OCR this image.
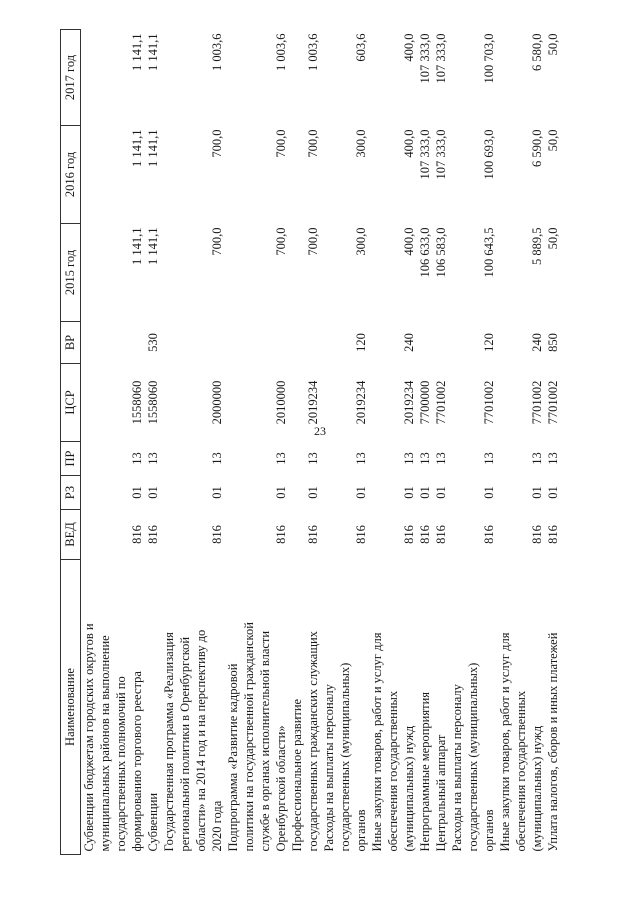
23
Наименование	ВЕД	РЗ	ПР	ЦСР	ВР	2015 год	2016 год	2017 год

Субвенции бюджетам городских округов и муниципальных районов на выполнение государственных полномочий по формированию торгового реестра	816	01	13	1558060		1 141,1	1 141,1	1 141,1

Субвенции	816	01	13	1558060	530	1 141,1	1 141,1	1 141,1

Государственная программа «Реализация региональной политики в Оренбургской области» на 2014 год и на перспективу до 2020 года	816	01	13	2000000		700,0	700,0	1 003,6

Подпрограмма «Развитие кадровой политики на государственной гражданской службе в органах исполнительной власти Оренбургской области»	816	01	13	2010000		700,0	700,0	1 003,6

Профессиональное развитие государственных гражданских служащих	816	01	13	2019234		700,0	700,0	1 003,6

Расходы на выплаты персоналу государственных (муниципальных) органов	816	01	13	2019234	120	300,0	300,0	603,6

Иные закупки товаров, работ и услуг для обеспечения государственных (муниципальных) нужд	816	01	13	2019234	240	400,0	400,0	400,0

Непрограммные мероприятия	816	01	13	7700000		106 633,0	107 333,0	107 333,0

Центральный аппарат	816	01	13	7701002		106 583,0	107 333,0	107 333,0

Расходы на выплаты персоналу государственных (муниципальных) органов	816	01	13	7701002	120	100 643,5	100 693,0	100 703,0

Иные закупки товаров, работ и услуг для обеспечения государственных (муниципальных) нужд	816	01	13	7701002	240	5 889,5	6 590,0	6 580,0

Уплата налогов, сборов и иных платежей	816	01	13	7701002	850	50,0	50,0	50,0
